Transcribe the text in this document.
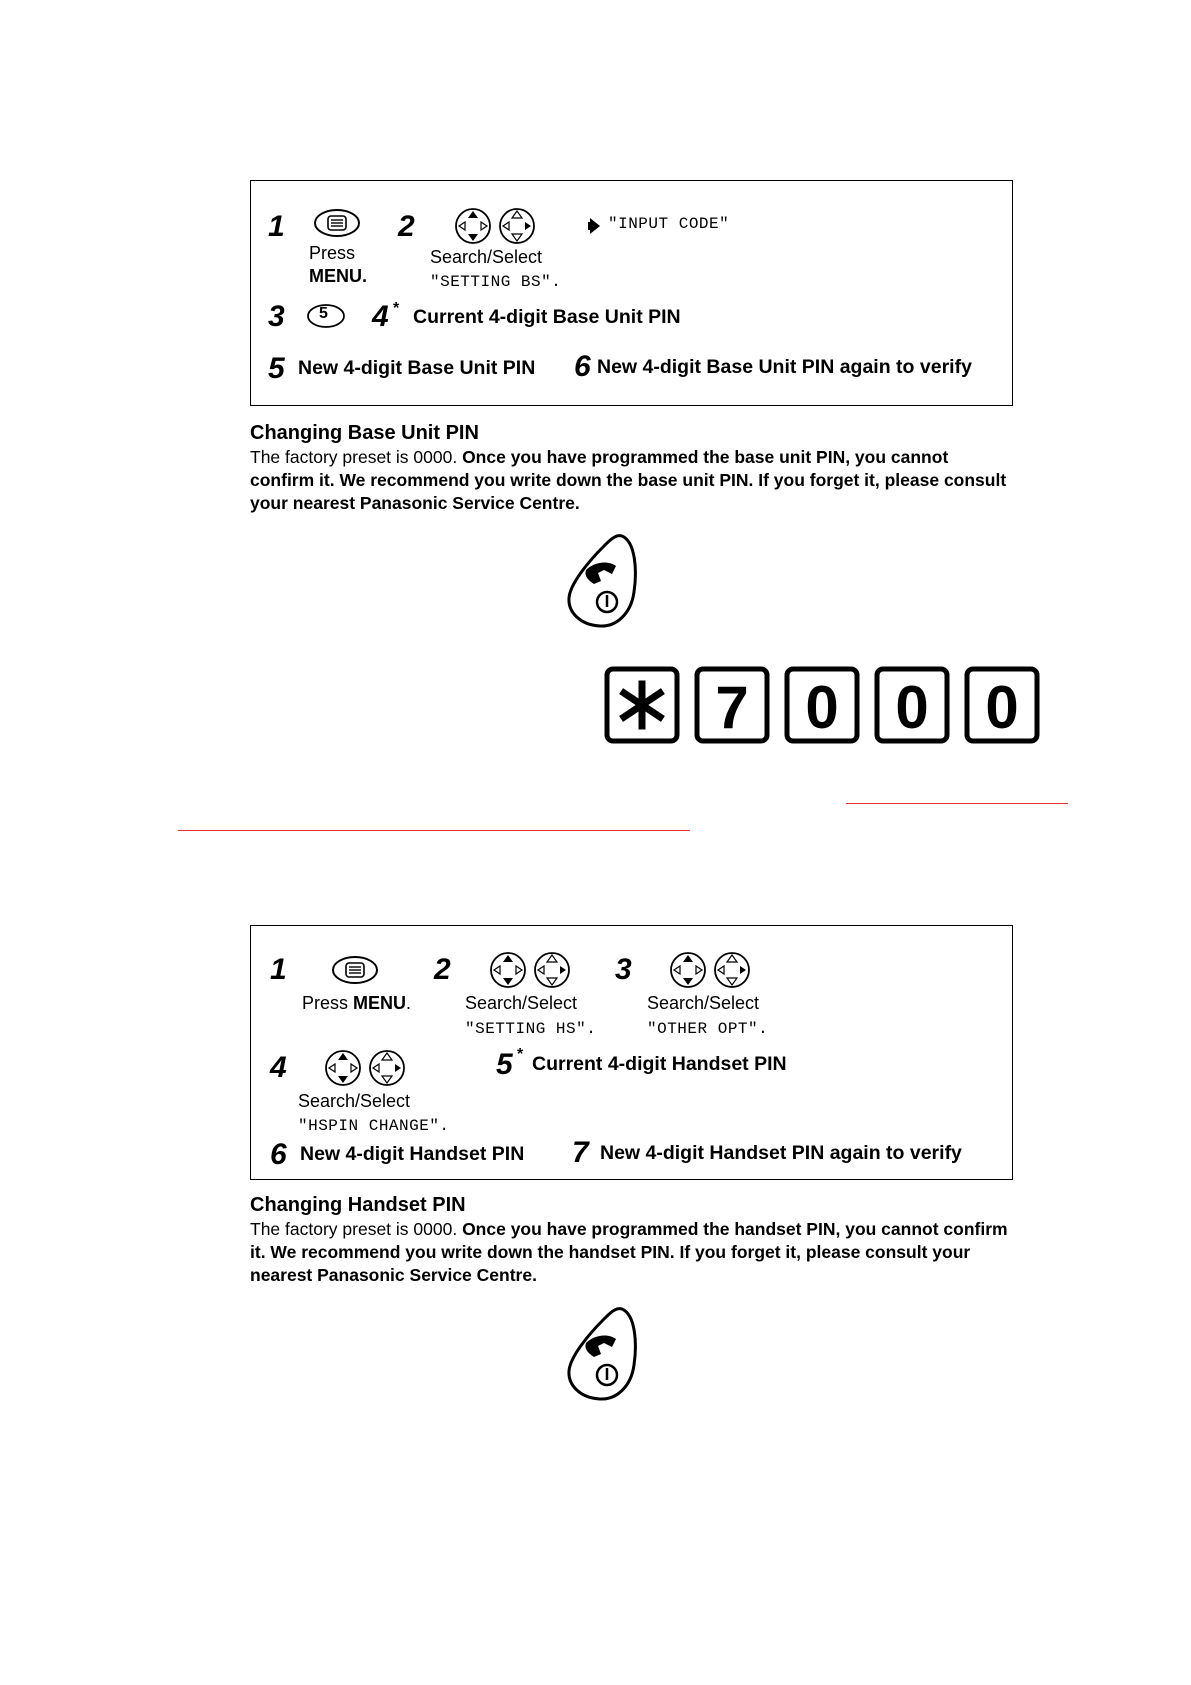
1
Press
MENU.
2
Search/Select
"SETTING BS".
"INPUT CODE"
3 5 4 * Current 4-digit Base Unit PIN
5 New 4-digit Base Unit PIN 6 New 4-digit Base Unit PIN again to verify
Changing Base Unit PIN
The factory preset is 0000. Once you have programmed the base unit PIN, you cannot confirm it. We recommend you write down the base unit PIN. If you forget it, please consult your nearest Panasonic Service Centre.
7 0 0 0
1
Press MENU.
2
Search/Select
"SETTING HS".
3
Search/Select
"OTHER OPT".
4
Search/Select
"HSPIN CHANGE".
5 * Current 4-digit Handset PIN
6 New 4-digit Handset PIN 7 New 4-digit Handset PIN again to verify
Changing Handset PIN
The factory preset is 0000. Once you have programmed the handset PIN, you cannot confirm it. We recommend you write down the handset PIN. If you forget it, please consult your nearest Panasonic Service Centre.
